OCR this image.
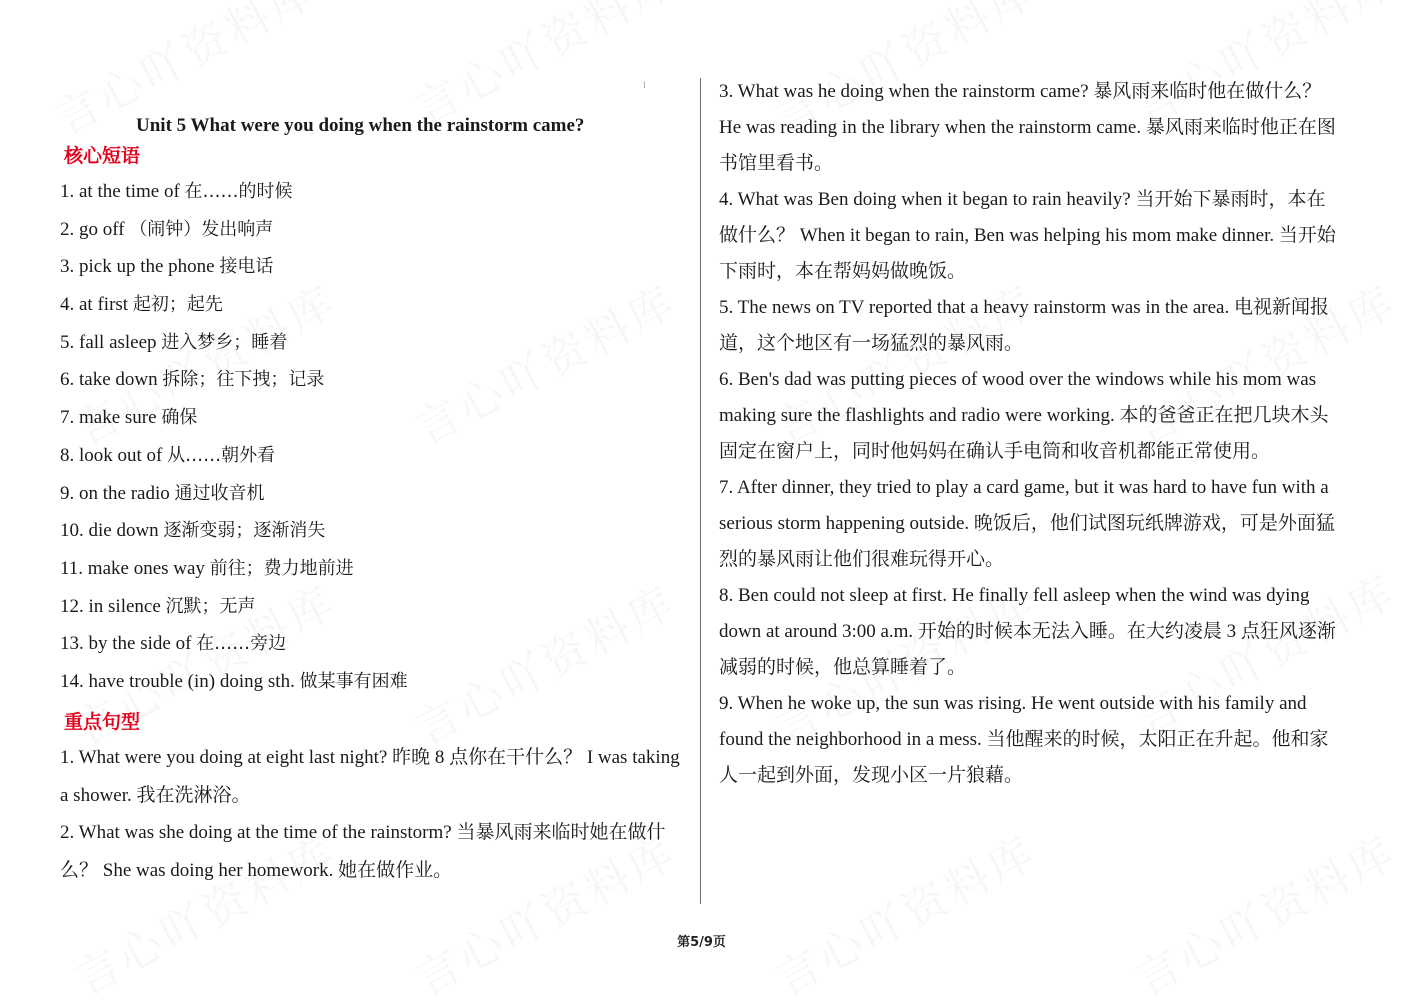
⁝
Unit 5 What were you doing when the rainstorm came?
核心短语
1. at the time of 在……的时候
2. go off （闹钟）发出响声
3. pick up the phone 接电话
4. at first 起初；起先
5. fall asleep 进入梦乡；睡着
6. take down 拆除；往下拽；记录
7. make sure 确保
8. look out of 从……朝外看
9. on the radio 通过收音机
10. die down 逐渐变弱；逐渐消失
11. make ones way 前往；费力地前进
12. in silence 沉默；无声
13. by the side of 在……旁边
14. have trouble (in) doing sth. 做某事有困难
重点句型

1. What were you doing at eight last night? 昨晚 8 点你在干什么？ I was taking a shower. 我在洗淋浴。

2. What was she doing at the time of the rainstorm? 当暴风雨来临时她在做什么？ She was doing her homework. 她在做作业。

3. What was he doing when the rainstorm came? 暴风雨来临时他在做什么？ He was reading in the library when the rainstorm came. 暴风雨来临时他正在图书馆里看书。

4. What was Ben doing when it began to rain heavily? 当开始下暴雨时，本在做什么？ When it began to rain, Ben was helping his mom make dinner. 当开始下雨时，本在帮妈妈做晚饭。

5. The news on TV reported that a heavy rainstorm was in the area. 电视新闻报道，这个地区有一场猛烈的暴风雨。

6. Ben's dad was putting pieces of wood over the windows while his mom was making sure the flashlights and radio were working. 本的爸爸正在把几块木头固定在窗户上，同时他妈妈在确认手电筒和收音机都能正常使用。

7. After dinner, they tried to play a card game, but it was hard to have fun with a serious storm happening outside. 晚饭后，他们试图玩纸牌游戏，可是外面猛烈的暴风雨让他们很难玩得开心。

8. Ben could not sleep at first. He finally fell asleep when the wind was dying down at around 3:00 a.m. 开始的时候本无法入睡。在大约凌晨 3 点狂风逐渐减弱的时候，他总算睡着了。

9. When he woke up, the sun was rising. He went outside with his family and found the neighborhood in a mess. 当他醒来的时候，太阳正在升起。他和家人一起到外面，发现小区一片狼藉。

第5/9页
